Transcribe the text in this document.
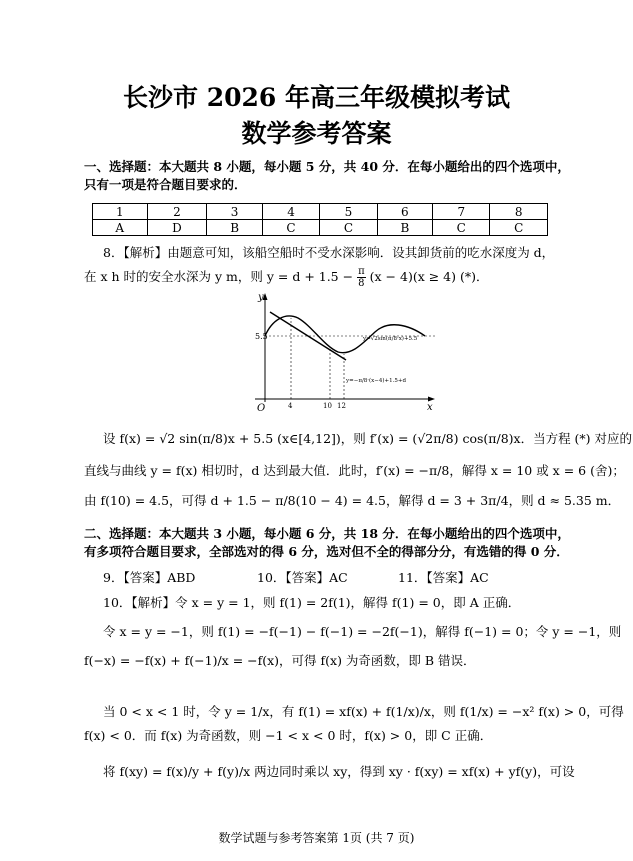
长沙市 2026 年高三年级模拟考试
数学参考答案
一、选择题：本大题共 8 小题，每小题 5 分，共 40 分．在每小题给出的四个选项中，
只有一项是符合题目要求的．
1	2	3	4	5	6	7	8
A	D	B	C	C	B	C	C
8．【解析】由题意可知，该船空船时不受水深影响．设其卸货前的吃水深度为 d，
在 x h 时的安全水深为 y m，则 $y = d + 1.5 - \frac{\pi}{8} (x - 4)(x \ge 4)$ (*)．
y
x
O
5.5
4	10 12
y=√2sin(π/8·x)+5.5
y=−π/8·(x−4)+1.5+d
设 f(x) = √2 sin(π/8)x + 5.5 (x∈[4,12])，则 f′(x) = (√2π/8) cos(π/8)x．当方程 (*) 对应的
直线与曲线 y = f(x) 相切时，d 达到最大值．此时，f′(x) = −π/8，解得 x = 10 或 x = 6 (舍)；
由 f(10) = 4.5，可得 d + 1.5 − π/8(10 − 4) = 4.5，解得 d = 3 + 3π/4，则 d ≈ 5.35 m．
二、选择题：本大题共 3 小题，每小题 6 分，共 18 分．在每小题给出的四个选项中，
有多项符合题目要求，全部选对的得 6 分，选对但不全的得部分分，有选错的得 0 分．
9．【答案】ABD	10．【答案】AC	11．【答案】AC
10．【解析】令 x = y = 1，则 f(1) = 2f(1)，解得 f(1) = 0，即 A 正确．
令 x = y = −1，则 f(1) = −f(−1) − f(−1) = −2f(−1)，解得 f(−1) = 0；令 y = −1，则
f(−x) = −f(x) + f(−1)/x = −f(x)，可得 f(x) 为奇函数，即 B 错误．
当 0 < x < 1 时，令 y = 1/x，有 f(1) = xf(x) + f(1/x)/x，则 f(1/x) = −x² f(x) > 0，可得
f(x) < 0．而 f(x) 为奇函数，则 −1 < x < 0 时，f(x) > 0，即 C 正确．
将 f(xy) = f(x)/y + f(y)/x 两边同时乘以 xy，得到 xy · f(xy) = xf(x) + yf(y)，可设
数学试题与参考答案第 1页 (共 7 页)
